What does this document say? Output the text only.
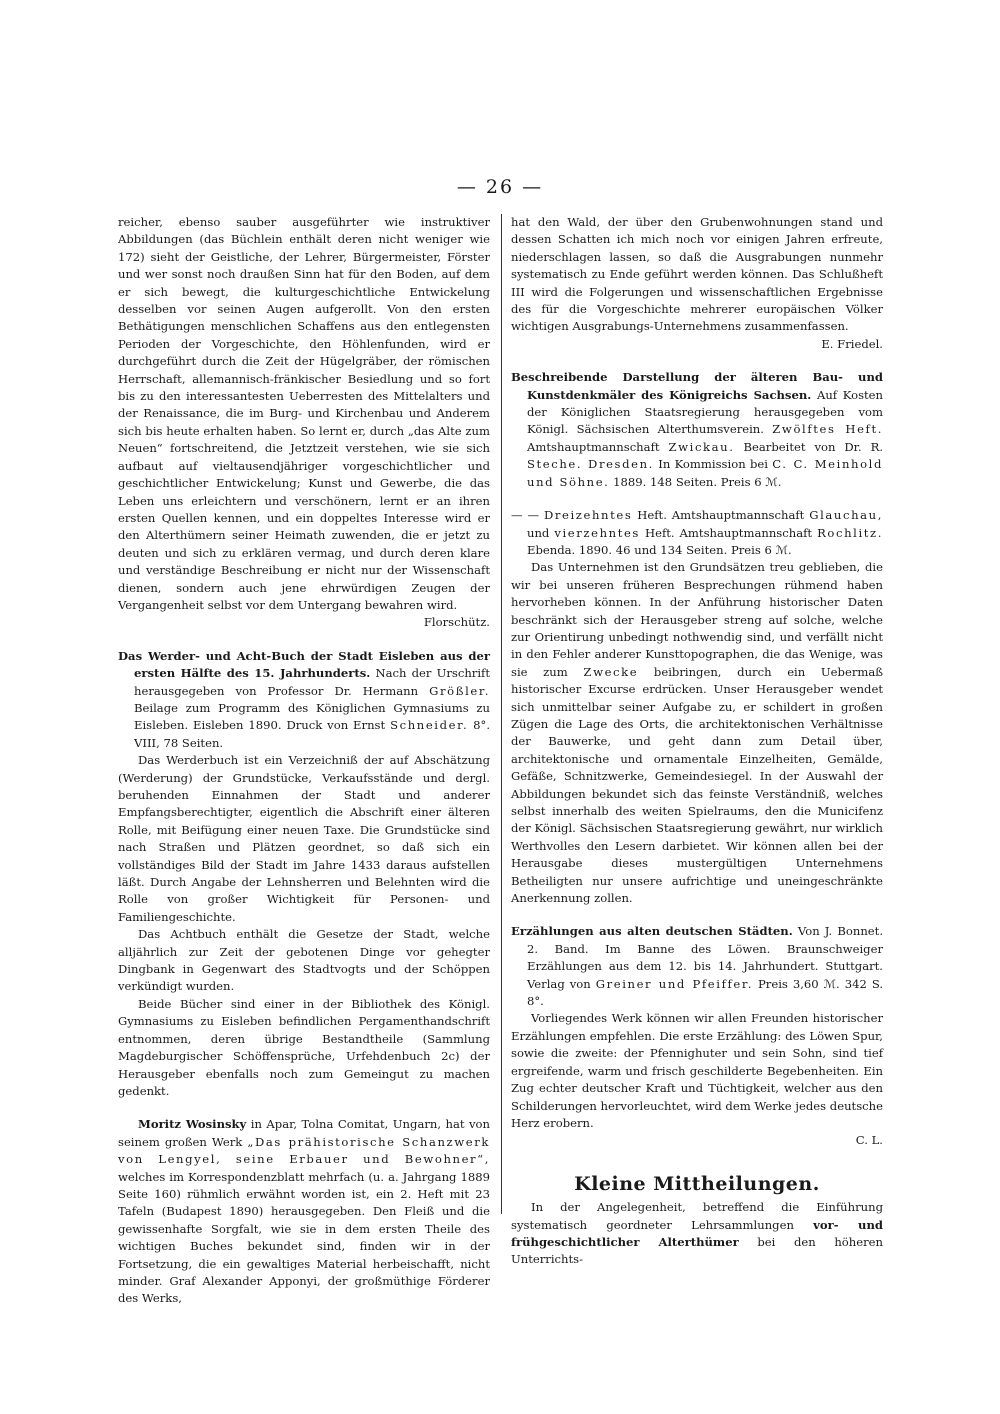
— 26 —

reicher, ebenso sauber ausgeführter wie instruktiver Abbildungen (das Büchlein enthält deren nicht weniger wie 172) sieht der Geistliche, der Lehrer, Bürgermeister, Förster und wer sonst noch draußen Sinn hat für den Boden, auf dem er sich bewegt, die kulturgeschichtliche Entwickelung desselben vor seinen Augen aufgerollt. Von den ersten Bethätigungen menschlichen Schaffens aus den entlegensten Perioden der Vorgeschichte, den Höhlenfunden, wird er durchgeführt durch die Zeit der Hügelgräber, der römischen Herrschaft, allemannisch-fränkischer Besiedlung und so fort bis zu den interessantesten Ueberresten des Mittelalters und der Renaissance, die im Burg- und Kirchenbau und Anderem sich bis heute erhalten haben. So lernt er, durch „das Alte zum Neuen“ fortschreitend, die Jetztzeit verstehen, wie sie sich aufbaut auf vieltausendjähriger vorgeschichtlicher und geschichtlicher Entwickelung; Kunst und Gewerbe, die das Leben uns erleichtern und verschönern, lernt er an ihren ersten Quellen kennen, und ein doppeltes Interesse wird er den Alterthümern seiner Heimath zuwenden, die er jetzt zu deuten und sich zu erklären vermag, und durch deren klare und verständige Beschreibung er nicht nur der Wissenschaft dienen, sondern auch jene ehrwürdigen Zeugen der Vergangenheit selbst vor dem Untergang bewahren wird.

Florschütz.

Das Werder- und Acht-Buch der Stadt Eisleben aus der ersten Hälfte des 15. Jahrhunderts. Nach der Urschrift herausgegeben von Professor Dr. Hermann Größler. Beilage zum Programm des Königlichen Gymnasiums zu Eisleben. Eisleben 1890. Druck von Ernst Schneider. 8°. VIII, 78 Seiten.

Das Werderbuch ist ein Verzeichniß der auf Abschätzung (Werderung) der Grundstücke, Verkaufsstände und dergl. beruhenden Einnahmen der Stadt und anderer Empfangsberechtigter, eigentlich die Abschrift einer älteren Rolle, mit Beifügung einer neuen Taxe. Die Grundstücke sind nach Straßen und Plätzen geordnet, so daß sich ein vollständiges Bild der Stadt im Jahre 1433 daraus aufstellen läßt. Durch Angabe der Lehnsherren und Belehnten wird die Rolle von großer Wichtigkeit für Personen- und Familiengeschichte.

Das Achtbuch enthält die Gesetze der Stadt, welche alljährlich zur Zeit der gebotenen Dinge vor gehegter Dingbank in Gegenwart des Stadtvogts und der Schöppen verkündigt wurden.

Beide Bücher sind einer in der Bibliothek des Königl. Gymnasiums zu Eisleben befindlichen Pergamenthandschrift entnommen, deren übrige Bestandtheile (Sammlung Magdeburgischer Schöffensprüche, Urfehdenbuch 2c) der Herausgeber ebenfalls noch zum Gemeingut zu machen gedenkt.

Moritz Wosinsky in Apar, Tolna Comitat, Ungarn, hat von seinem großen Werk „Das prähistorische Schanzwerk von Lengyel, seine Erbauer und Bewohner“, welches im Korrespondenzblatt mehrfach (u. a. Jahrgang 1889 Seite 160) rühmlich erwähnt worden ist, ein 2. Heft mit 23 Tafeln (Budapest 1890) herausgegeben. Den Fleiß und die gewissenhafte Sorgfalt, wie sie in dem ersten Theile des wichtigen Buches bekundet sind, finden wir in der Fortsetzung, die ein gewaltiges Material herbeischafft, nicht minder. Graf Alexander Apponyi, der großmüthige Förderer des Werks,

hat den Wald, der über den Grubenwohnungen stand und dessen Schatten ich mich noch vor einigen Jahren erfreute, niederschlagen lassen, so daß die Ausgrabungen nunmehr systematisch zu Ende geführt werden können. Das Schlußheft III wird die Folgerungen und wissenschaftlichen Ergebnisse des für die Vorgeschichte mehrerer europäischen Völker wichtigen Ausgrabungs-Unternehmens zusammenfassen.

E. Friedel.

Beschreibende Darstellung der älteren Bau- und Kunstdenkmäler des Königreichs Sachsen. Auf Kosten der Königlichen Staatsregierung herausgegeben vom Königl. Sächsischen Alterthumsverein. Zwölftes Heft. Amtshauptmannschaft Zwickau. Bearbeitet von Dr. R. Steche. Dresden. In Kommission bei C. C. Meinhold und Söhne. 1889. 148 Seiten. Preis 6 ℳ.

— — Dreizehntes Heft. Amtshauptmannschaft Glauchau, und vierzehntes Heft. Amtshauptmannschaft Rochlitz. Ebenda. 1890. 46 und 134 Seiten. Preis 6 ℳ.

Das Unternehmen ist den Grundsätzen treu geblieben, die wir bei unseren früheren Besprechungen rühmend haben hervorheben können. In der Anführung historischer Daten beschränkt sich der Herausgeber streng auf solche, welche zur Orientirung unbedingt nothwendig sind, und verfällt nicht in den Fehler anderer Kunsttopographen, die das Wenige, was sie zum Zwecke beibringen, durch ein Uebermaß historischer Excurse erdrücken. Unser Herausgeber wendet sich unmittelbar seiner Aufgabe zu, er schildert in großen Zügen die Lage des Orts, die architektonischen Verhältnisse der Bauwerke, und geht dann zum Detail über, architektonische und ornamentale Einzelheiten, Gemälde, Gefäße, Schnitzwerke, Gemeindesiegel. In der Auswahl der Abbildungen bekundet sich das feinste Verständniß, welches selbst innerhalb des weiten Spielraums, den die Municifenz der Königl. Sächsischen Staatsregierung gewährt, nur wirklich Werthvolles den Lesern darbietet. Wir können allen bei der Herausgabe dieses mustergültigen Unternehmens Betheiligten nur unsere aufrichtige und uneingeschränkte Anerkennung zollen.

Erzählungen aus alten deutschen Städten. Von J. Bonnet. 2. Band. Im Banne des Löwen. Braunschweiger Erzählungen aus dem 12. bis 14. Jahrhundert. Stuttgart. Verlag von Greiner und Pfeiffer. Preis 3,60 ℳ. 342 S. 8°.

Vorliegendes Werk können wir allen Freunden historischer Erzählungen empfehlen. Die erste Erzählung: des Löwen Spur, sowie die zweite: der Pfennighuter und sein Sohn, sind tief ergreifende, warm und frisch geschilderte Begebenheiten. Ein Zug echter deutscher Kraft und Tüchtigkeit, welcher aus den Schilderungen hervorleuchtet, wird dem Werke jedes deutsche Herz erobern.

C. L.

Kleine Mittheilungen.

In der Angelegenheit, betreffend die Einführung systematisch geordneter Lehrsammlungen vor- und frühgeschichtlicher Alterthümer bei den höheren Unterrichts-
